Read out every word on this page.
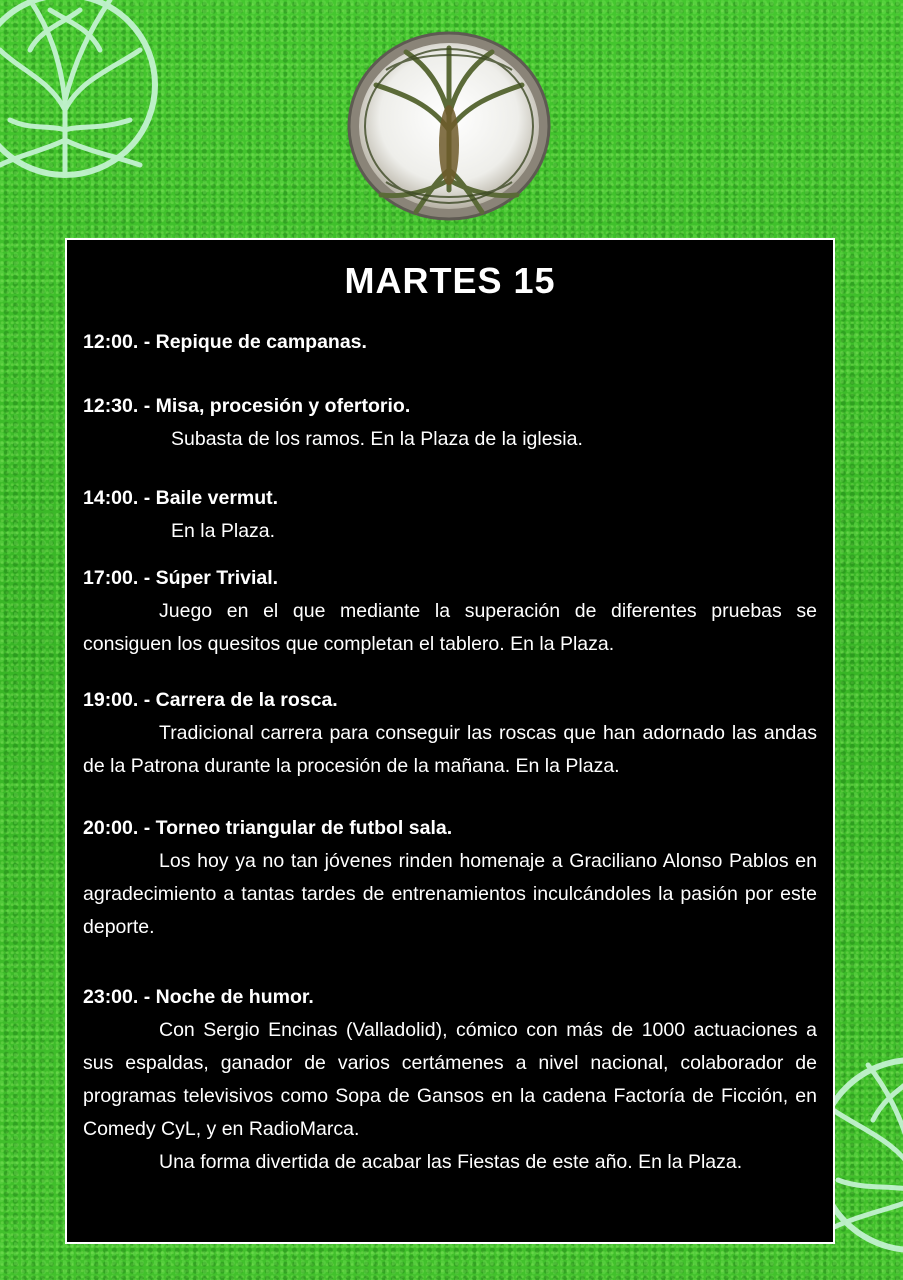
MARTES 15
12:00. - Repique de campanas.
12:30. - Misa, procesión y ofertorio.
Subasta de los ramos. En la Plaza de la iglesia.
14:00. - Baile vermut.
En la Plaza.
17:00. - Súper Trivial.
Juego en el que mediante la superación de diferentes pruebas se consiguen los quesitos que completan el tablero. En la Plaza.
19:00. - Carrera de la rosca.
Tradicional carrera para conseguir las roscas que han adornado las andas de la Patrona durante la procesión de la mañana. En la Plaza.
20:00. - Torneo triangular de futbol sala.
Los hoy ya no tan jóvenes rinden homenaje a Graciliano Alonso Pablos en agradecimiento a tantas tardes de entrenamientos inculcándoles la pasión por este deporte.
23:00. - Noche de humor.
Con Sergio Encinas (Valladolid), cómico con más de 1000 actuaciones a sus espaldas, ganador de varios certámenes a nivel nacional, colaborador de programas televisivos como Sopa de Gansos en la cadena Factoría de Ficción, en Comedy CyL, y en RadioMarca.
Una forma divertida de acabar las Fiestas de este año. En la Plaza.
